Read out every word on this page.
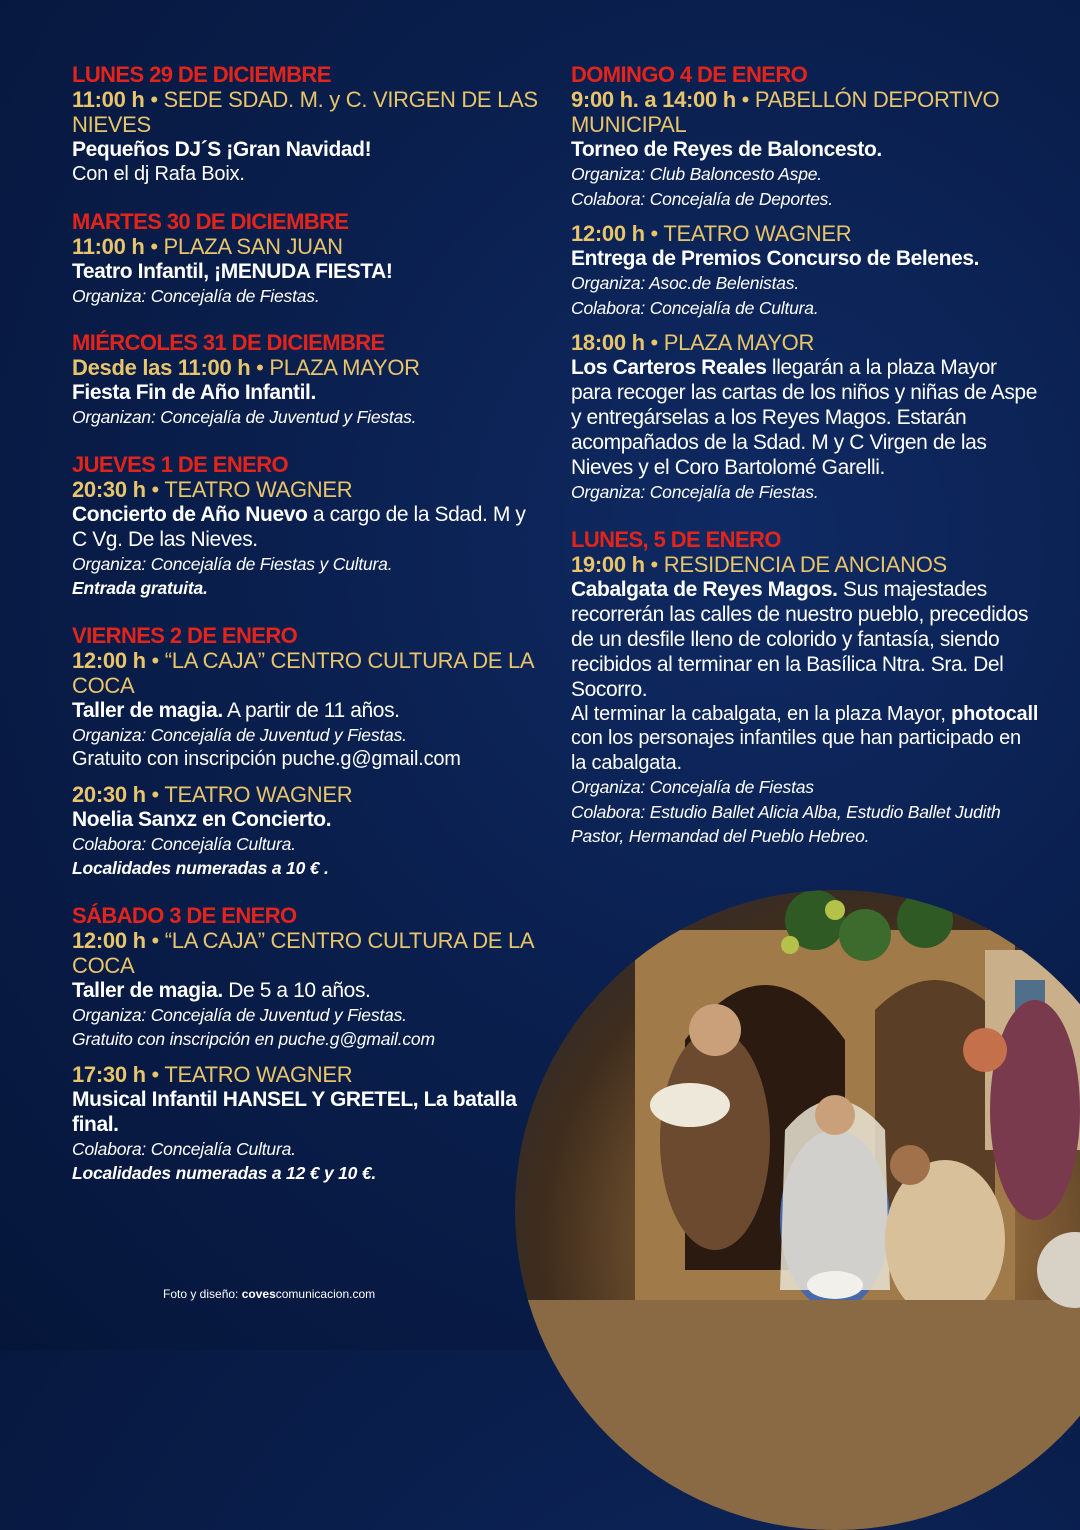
LUNES 29 DE DICIEMBRE
11:00 h • SEDE SDAD. M. y C. VIRGEN DE LAS NIEVES
Pequeños DJ´S ¡Gran Navidad!
Con el dj Rafa Boix.
MARTES 30 DE DICIEMBRE
11:00 h • PLAZA SAN JUAN
Teatro Infantil, ¡MENUDA FIESTA!
Organiza: Concejalía de Fiestas.
MIÉRCOLES 31 DE DICIEMBRE
Desde las 11:00 h • PLAZA MAYOR
Fiesta Fin de Año Infantil.
Organizan: Concejalía de Juventud y Fiestas.
JUEVES 1 DE ENERO
20:30 h • TEATRO WAGNER
Concierto de Año Nuevo a cargo de la Sdad. M y C Vg. De las Nieves.
Organiza: Concejalía de Fiestas y Cultura.
Entrada gratuita.
VIERNES 2 DE ENERO
12:00 h • “LA CAJA” CENTRO CULTURA DE LA COCA
Taller de magia. A partir de 11 años.
Organiza: Concejalía de Juventud y Fiestas.
Gratuito con inscripción puche.g@gmail.com
20:30 h • TEATRO WAGNER
Noelia Sanxz en Concierto.
Colabora: Concejalía Cultura.
Localidades numeradas a 10 € .
SÁBADO 3 DE ENERO
12:00 h • “LA CAJA” CENTRO CULTURA DE LA COCA
Taller de magia. De 5 a 10 años.
Organiza: Concejalía de Juventud y Fiestas.
Gratuito con inscripción en puche.g@gmail.com
17:30 h • TEATRO WAGNER
Musical Infantil HANSEL Y GRETEL, La batalla final.
Colabora: Concejalía Cultura.
Localidades numeradas a 12 € y 10 €.
DOMINGO 4 DE ENERO
9:00 h. a 14:00 h • PABELLÓN DEPORTIVO MUNICIPAL
Torneo de Reyes de Baloncesto.
Organiza: Club Baloncesto Aspe.
Colabora: Concejalía de Deportes.
12:00 h • TEATRO WAGNER
Entrega de Premios Concurso de Belenes.
Organiza: Asoc.de Belenistas.
Colabora: Concejalía de Cultura.
18:00 h • PLAZA MAYOR
Los Carteros Reales llegarán a la plaza Mayor para recoger las cartas de los niños y niñas de Aspe y entregárselas a los Reyes Magos. Estarán acompañados de la Sdad. M y C Virgen de las Nieves y el Coro Bartolomé Garelli.
Organiza: Concejalía de Fiestas.
LUNES, 5 DE ENERO
19:00 h • RESIDENCIA DE ANCIANOS
Cabalgata de Reyes Magos. Sus majestades recorrerán las calles de nuestro pueblo, precedidos de un desfile lleno de colorido y fantasía, siendo recibidos al terminar en la Basílica Ntra. Sra. Del Socorro.
Al terminar la cabalgata, en la plaza Mayor, photocall con los personajes infantiles que han participado en la cabalgata.
Organiza: Concejalía de Fiestas
Colabora: Estudio Ballet Alicia Alba, Estudio Ballet Judith Pastor, Hermandad del Pueblo Hebreo.
Foto y diseño: covescomunicacion.com
